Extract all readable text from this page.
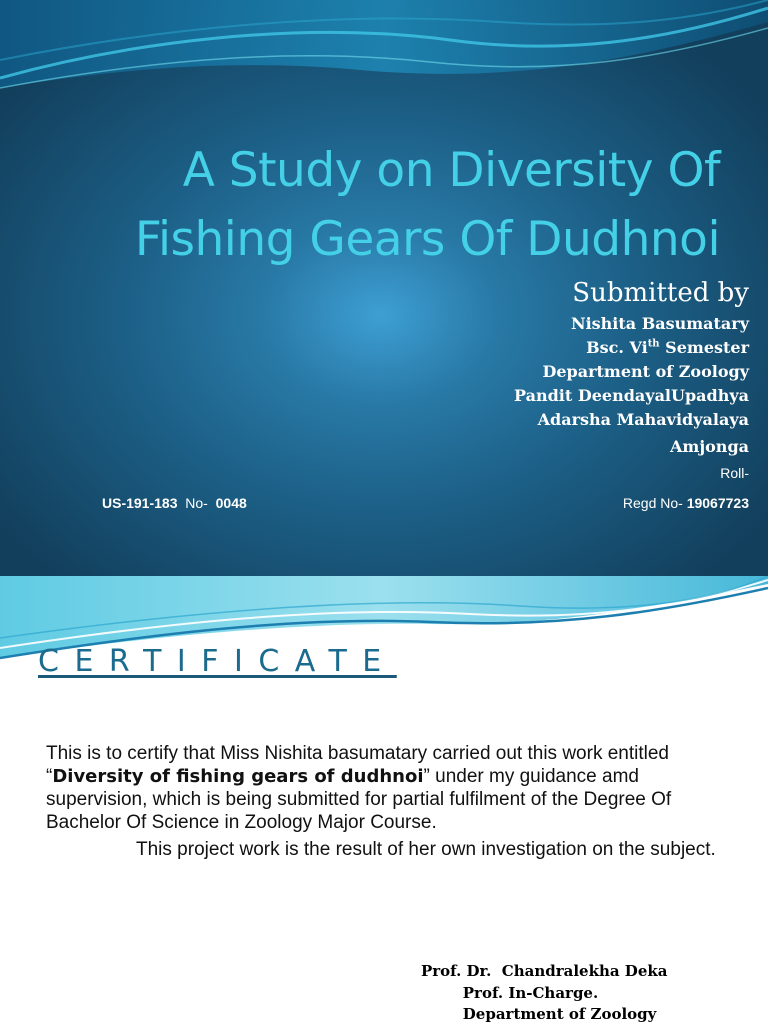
A Study on Diversity Of
Fishing Gears Of Dudhnoi
Submitted by
Nishita Basumatary
Bsc. $Vi^{th}$ Semester
Department of Zoology
Pandit DeendayalUpadhya
Adarsha Mahavidyalaya
Amjonga
Roll-
US-191-183 No- 0048	Regd No- 19067723
CERTIFICATE

This is to certify that Miss Nishita basumatary carried out this work entitled “Diversity of fishing gears of dudhnoi” under my guidance amd supervision, which is being submitted for partial fulfilment of the Degree Of Bachelor Of Science in Zoology Major Course.

This project work is the result of her own investigation on the subject.

Prof. Dr.  Chandralekha Deka
Prof. In-Charge.
Department of Zoology
